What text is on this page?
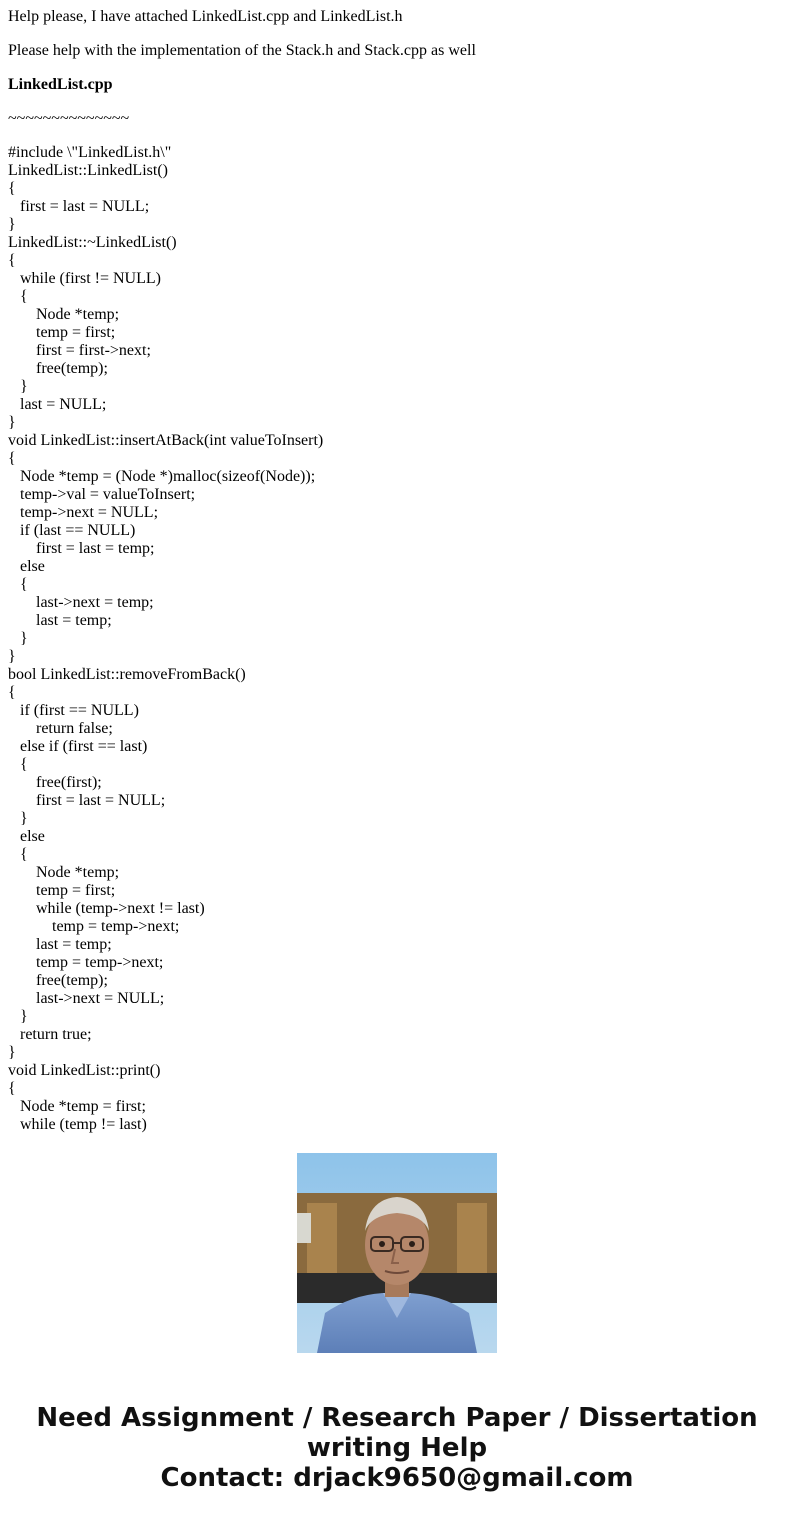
Help please, I have attached LinkedList.cpp and LinkedList.h

Please help with the implementation of the Stack.h and Stack.cpp as well

LinkedList.cpp

~~~~~~~~~~~~~~

#include \"LinkedList.h\"
LinkedList::LinkedList()
{
first = last = NULL;
}
LinkedList::~LinkedList()
{
while (first != NULL)
{
Node *temp;
temp = first;
first = first->next;
free(temp);
}
last = NULL;
}
void LinkedList::insertAtBack(int valueToInsert)
{
Node *temp = (Node *)malloc(sizeof(Node));
temp->val = valueToInsert;
temp->next = NULL;
if (last == NULL)
first = last = temp;
else
{
last->next = temp;
last = temp;
}
}
bool LinkedList::removeFromBack()
{
if (first == NULL)
return false;
else if (first == last)
{
free(first);
first = last = NULL;
}
else
{
Node *temp;
temp = first;
while (temp->next != last)
temp = temp->next;
last = temp;
temp = temp->next;
free(temp);
last->next = NULL;
}
return true;
}
void LinkedList::print()
{
Node *temp = first;
while (temp != last)
Need Assignment / Research Paper / Dissertation
writing Help
Contact: drjack9650@gmail.com
